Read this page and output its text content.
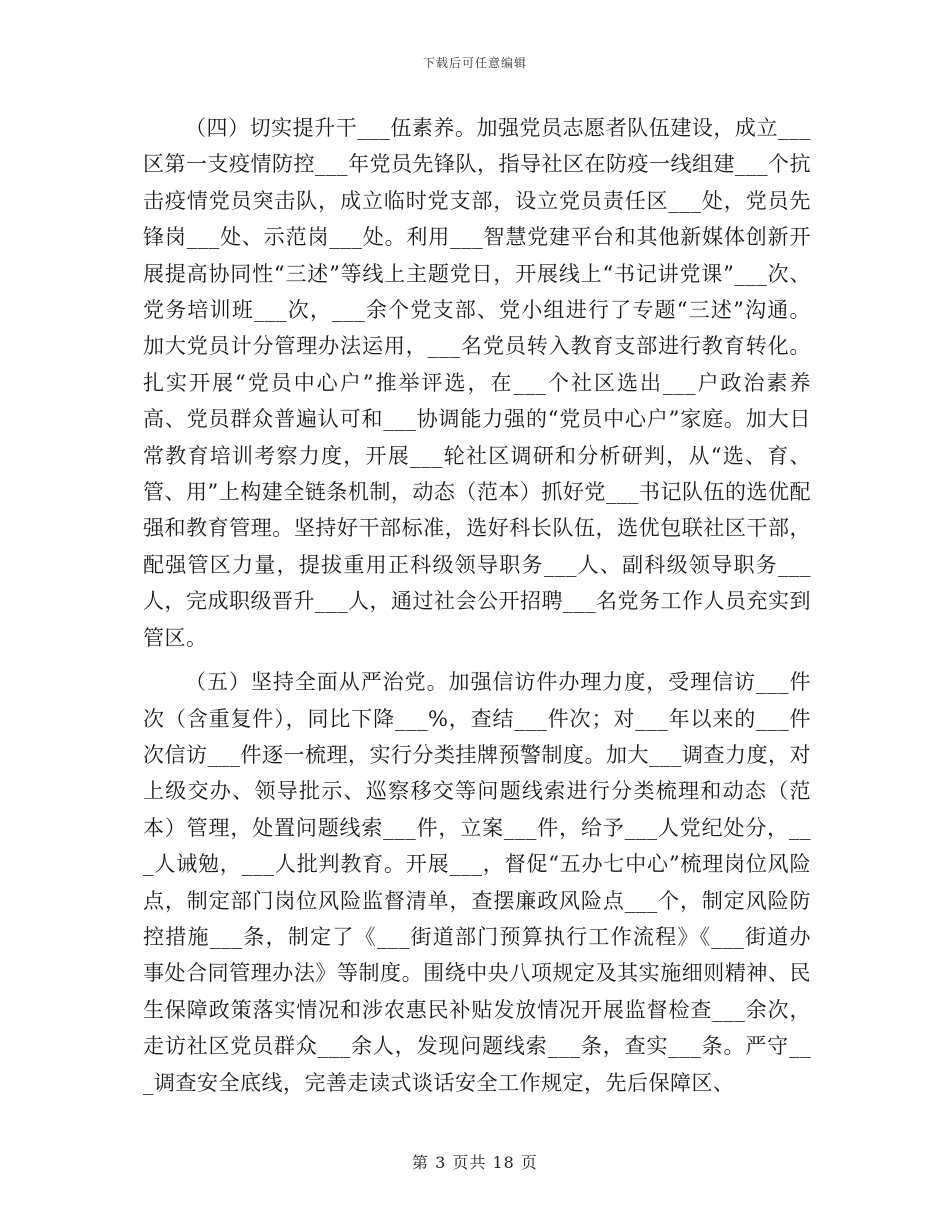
下载后可任意编辑

（四）切实提升干___伍素养。加强党员志愿者队伍建设，成立___区第一支疫情防控___年党员先锋队，指导社区在防疫一线组建___个抗击疫情党员突击队，成立临时党支部，设立党员责任区___处，党员先锋岗___处、示范岗___处。利用___智慧党建平台和其他新媒体创新开展提高协同性“三述”等线上主题党日，开展线上“书记讲党课”___次、党务培训班___次，___余个党支部、党小组进行了专题“三述”沟通。加大党员计分管理办法运用，___名党员转入教育支部进行教育转化。扎实开展“党员中心户”推举评选，在___个社区选出___户政治素养高、党员群众普遍认可和___协调能力强的“党员中心户”家庭。加大日常教育培训考察力度，开展___轮社区调研和分析研判，从“选、育、管、用”上构建全链条机制，动态（范本）抓好党___书记队伍的选优配强和教育管理。坚持好干部标准，选好科长队伍，选优包联社区干部，配强管区力量，提拔重用正科级领导职务___人、副科级领导职务___人，完成职级晋升___人，通过社会公开招聘___名党务工作人员充实到管区。

（五）坚持全面从严治党。加强信访件办理力度，受理信访___件次（含重复件），同比下降___%，查结___件次；对___年以来的___件次信访___件逐一梳理，实行分类挂牌预警制度。加大___调查力度，对上级交办、领导批示、巡察移交等问题线索进行分类梳理和动态（范本）管理，处置问题线索___件，立案___件，给予___人党纪处分，___人诫勉，___人批判教育。开展___，督促“五办七中心”梳理岗位风险点，制定部门岗位风险监督清单，查摆廉政风险点___个，制定风险防控措施___条，制定了《___街道部门预算执行工作流程》《___街道办事处合同管理办法》等制度。围绕中央八项规定及其实施细则精神、民生保障政策落实情况和涉农惠民补贴发放情况开展监督检查___余次，走访社区党员群众___余人，发现问题线索___条，查实___条。严守___调查安全底线，完善走读式谈话安全工作规定，先后保障区、

第 3 页共 18 页
